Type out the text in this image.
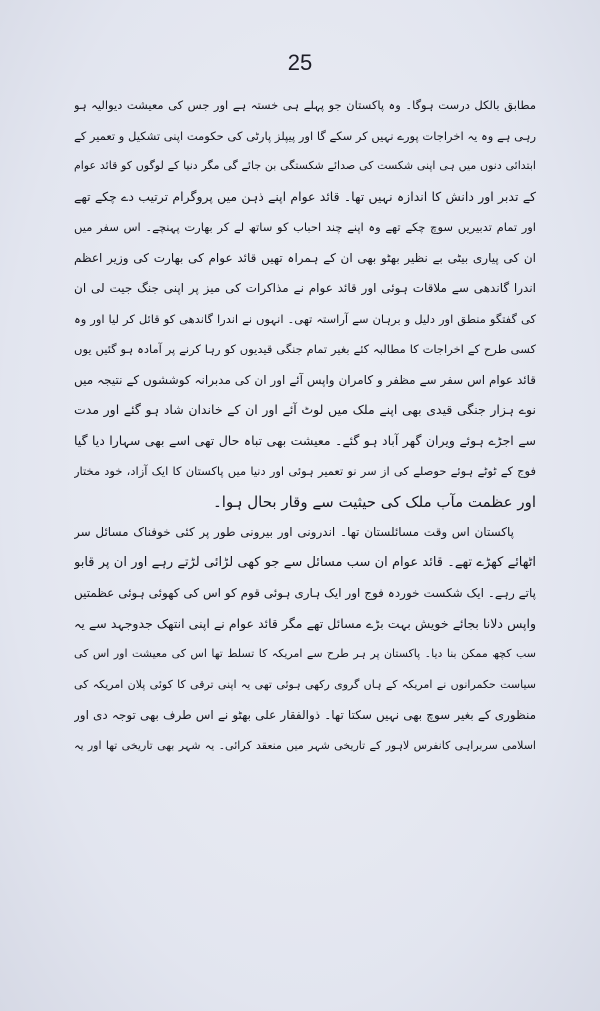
25
مطابق بالکل درست ہوگا۔ وہ پاکستان جو پہلے ہی خستہ ہے اور جس کی معیشت دیوالیہ ہو
رہی ہے وہ یہ اخراجات پورے نہیں کر سکے گا اور پیپلز پارٹی کی حکومت اپنی تشکیل و تعمیر کے
ابتدائی دنوں میں ہی اپنی شکست کی صدائے شکستگی بن جائے گی مگر دنیا کے لوگوں کو قائد عوام
کے تدبر اور دانش کا اندازہ نہیں تھا۔ قائد عوام اپنے ذہن میں پروگرام ترتیب دے چکے تھے
اور تمام تدبیریں سوچ چکے تھے وہ اپنے چند احباب کو ساتھ لے کر بھارت پہنچے۔ اس سفر میں
ان کی پیاری بیٹی بے نظیر بھٹو بھی ان کے ہمراہ تھیں قائد عوام کی بھارت کی وزیر اعظم
اندرا گاندھی سے ملاقات ہوئی اور قائد عوام نے مذاکرات کی میز پر اپنی جنگ جیت لی ان
کی گفتگو منطق اور دلیل و برہان سے آراستہ تھی۔ انہوں نے اندرا گاندھی کو قائل کر لیا اور وہ
کسی طرح کے اخراجات کا مطالبہ کئے بغیر تمام جنگی قیدیوں کو رہا کرنے پر آمادہ ہو گئیں یوں
قائد عوام اس سفر سے مظفر و کامران واپس آئے اور ان کی مدبرانہ کوششوں کے نتیجہ میں
نوے ہزار جنگی قیدی بھی اپنے ملک میں لوٹ آئے اور ان کے خاندان شاد ہو گئے اور مدت
سے اجڑے ہوئے ویران گھر آباد ہو گئے۔ معیشت بھی تباہ حال تھی اسے بھی سہارا دیا گیا
فوج کے ٹوٹے ہوئے حوصلے کی از سر نو تعمیر ہوئی اور دنیا میں پاکستان کا ایک آزاد، خود مختار
اور عظمت مآب ملک کی حیثیت سے وقار بحال ہوا۔
پاکستان اس وقت مسائلستان تھا۔ اندرونی اور بیرونی طور پر کئی خوفناک مسائل سر
اٹھائے کھڑے تھے۔ قائد عوام ان سب مسائل سے جو کھی لڑائی لڑتے رہے اور ان پر قابو
پاتے رہے۔ ایک شکست خوردہ فوج اور ایک ہاری ہوئی قوم کو اس کی کھوئی ہوئی عظمتیں
واپس دلانا بجائے خویش بہت بڑے مسائل تھے مگر قائد عوام نے اپنی انتھک جدوجہد سے یہ
سب کچھ ممکن بنا دیا۔ پاکستان پر ہر طرح سے امریکہ کا تسلط تھا اس کی معیشت اور اس کی
سیاست حکمرانوں نے امریکہ کے ہاں گروی رکھی ہوئی تھی یہ اپنی ترقی کا کوئی پلان امریکہ کی
منظوری کے بغیر سوچ بھی نہیں سکتا تھا۔ ذوالفقار علی بھٹو نے اس طرف بھی توجہ دی اور
اسلامی سربراہی کانفرس لاہور کے تاریخی شہر میں منعقد کرائی۔ یہ شہر بھی تاریخی تھا اور یہ
